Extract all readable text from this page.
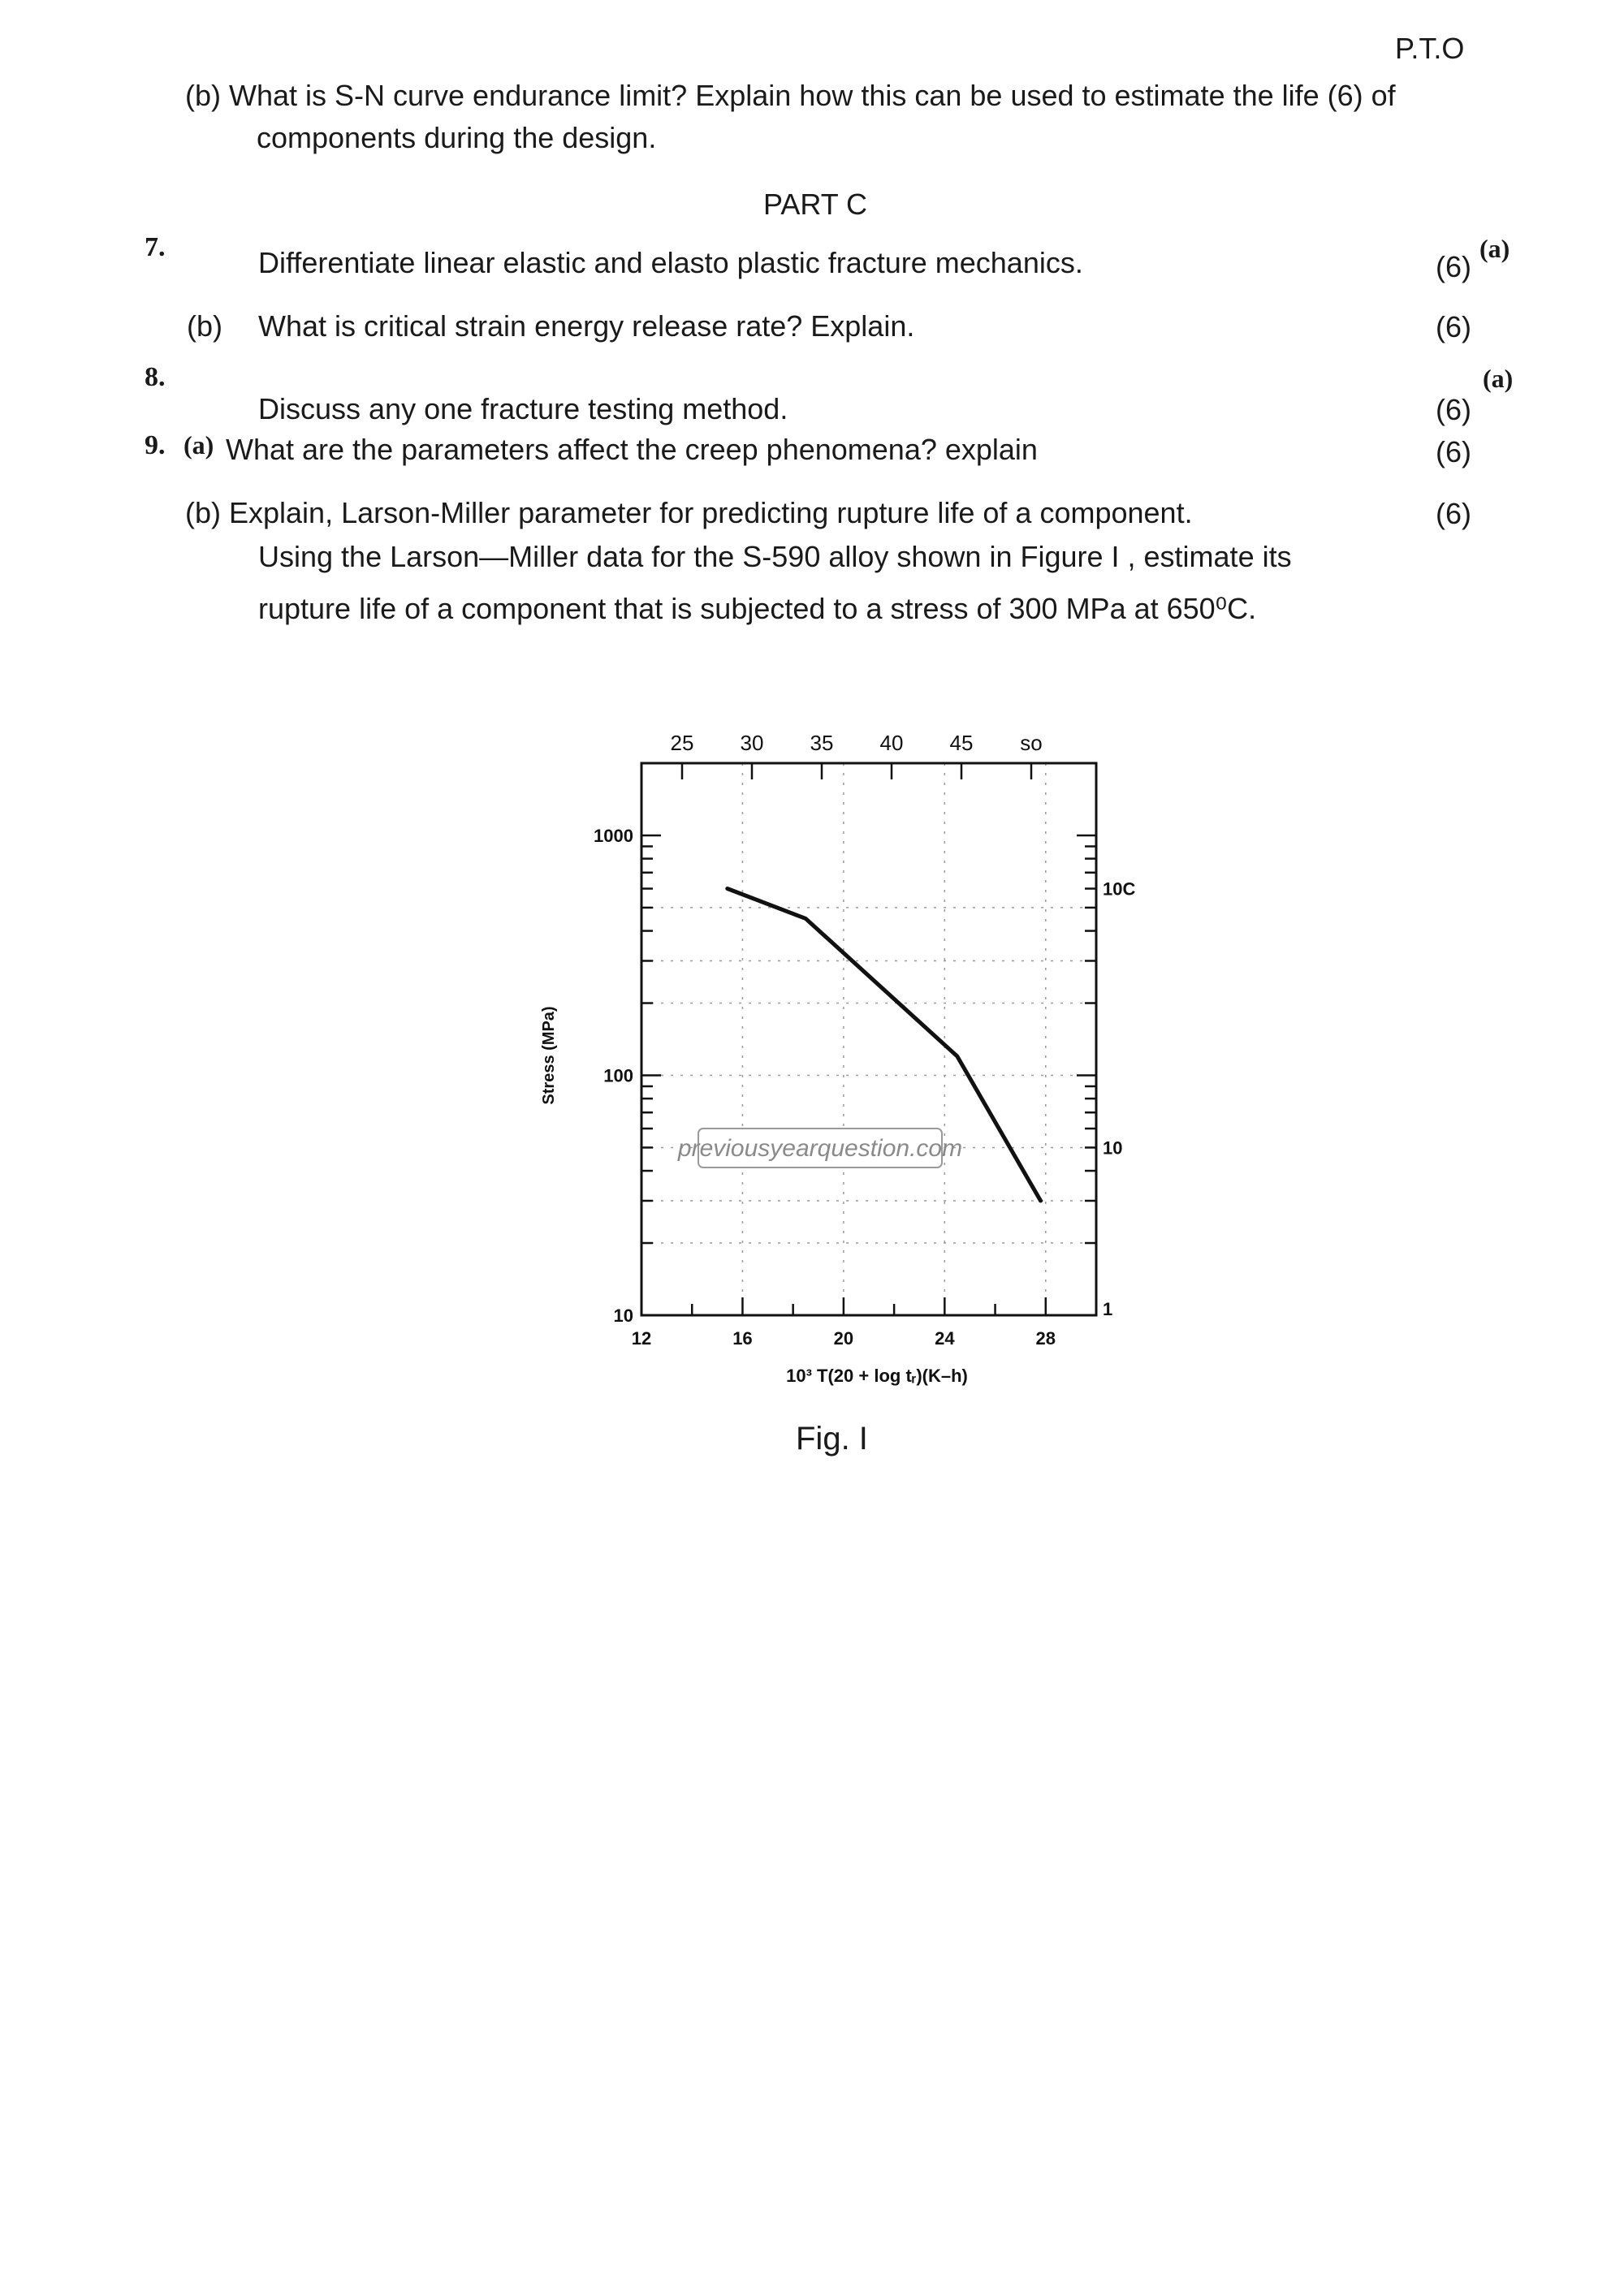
P.T.O
(b) What is S-N curve endurance limit? Explain how this can be used to estimate the life (6) of
components during the design.
PART C
7.	Differentiate linear elastic and elasto plastic fracture mechanics.	(6)
(a)
(b) What is critical strain energy release rate? Explain.	(6)
8.
Discuss any one fracture testing method.
(a)
(6)
9. (a) What are the parameters affect the creep phenomena? explain	(6)
(b) Explain, Larson-Miller parameter for predicting rupture life of a component.	(6)
Using the Larson—Miller data for the S-590 alloy shown in Figure I , estimate its
rupture life of a component that is subjected to a stress of 300 MPa at 650⁰C.
25 30 35 40 45 so
1000
100
10
12	16	20	24	28
10C
10
1
10³ T(20 + log tᵣ)(K–h)
Stress (MPa)
previousyearquestion.com
Fig. I
